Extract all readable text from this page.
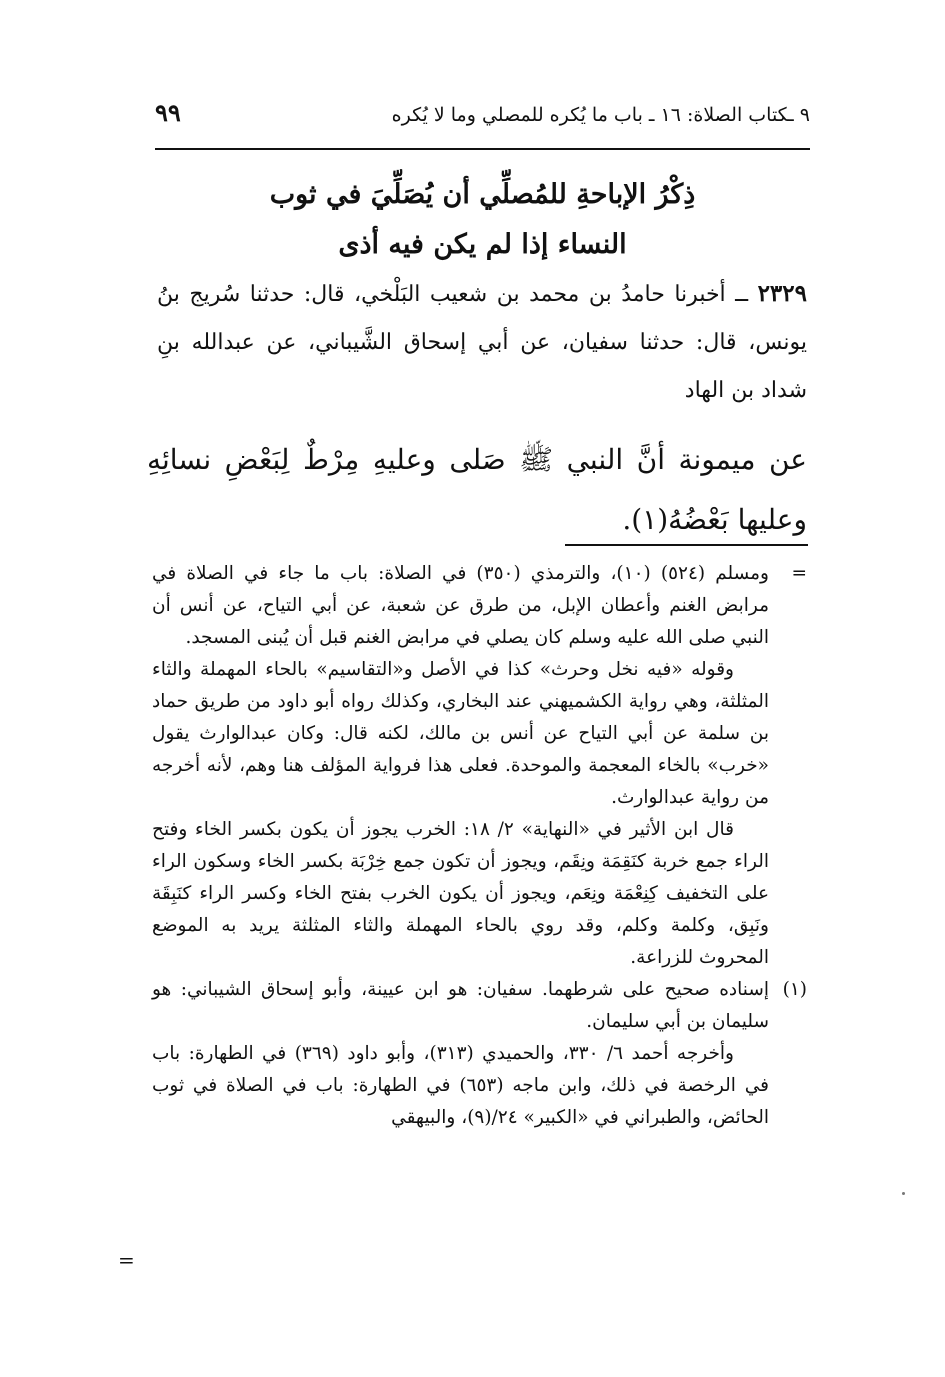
٩٩	٩ ـكتاب الصلاة: ١٦ ـ باب ما يُكره للمصلي وما لا يُكره
ذِكْرُ الإباحةِ للمُصلِّي أن يُصَلِّيَ في ثوب
النساء إذا لم يكن فيه أذى
٢٣٢٩ ــ أخبرنا حامدُ بن محمد بن شعيب البَلْخي، قال: حدثنا سُريج بنُ يونس، قال: حدثنا سفيان، عن أبي إسحاق الشَّيباني، عن عبدالله بنِ شداد بن الهاد
عن ميمونة أنَّ النبي ﷺ صَلى وعليهِ مِرْطٌ لِبَعْضِ نسائِهِ وعليها بَعْضُهُ(١).

=
ومسلم (٥٢٤) (١٠)، والترمذي (٣٥٠) في الصلاة: باب ما جاء في الصلاة في مرابض الغنم وأعطان الإبل، من طرق عن شعبة، عن أبي التياح، عن أنس أن النبي صلى الله عليه وسلم كان يصلي في مرابض الغنم قبل أن يُبنى المسجد.

وقوله «فيه نخل وحرث» كذا في الأصل و«التقاسيم» بالحاء المهملة والثاء المثلثة، وهي رواية الكشميهني عند البخاري، وكذلك رواه أبو داود من طريق حماد بن سلمة عن أبي التياح عن أنس بن مالك، لكنه قال: وكان عبدالوارث يقول «خرب» بالخاء المعجمة والموحدة. فعلى هذا فرواية المؤلف هنا وهم، لأنه أخرجه من رواية عبدالوارث.

قال ابن الأثير في «النهاية» ٢/ ١٨: الخرب يجوز أن يكون بكسر الخاء وفتح الراء جمع خربة كنَقِمَة ونِقَم، ويجوز أن تكون جمع خِرْبَة بكسر الخاء وسكون الراء على التخفيف كِنِعْمَة ونِعَم، ويجوز أن يكون الخرب بفتح الخاء وكسر الراء كنَبِقَة ونَبِق، وكلمة وكلم، وقد روي بالحاء المهملة والثاء المثلثة يريد به الموضع المحروث للزراعة.

(١)
إسناده صحيح على شرطهما. سفيان: هو ابن عيينة، وأبو إسحاق الشيباني: هو سليمان بن أبي سليمان.

وأخرجه أحمد ٦/ ٣٣٠، والحميدي (٣١٣)، وأبو داود (٣٦٩) في الطهارة: باب في الرخصة في ذلك، وابن ماجه (٦٥٣) في الطهارة: باب في الصلاة في ثوب الحائض، والطبراني في «الكبير» ٢٤/(٩)، والبيهقي

=
